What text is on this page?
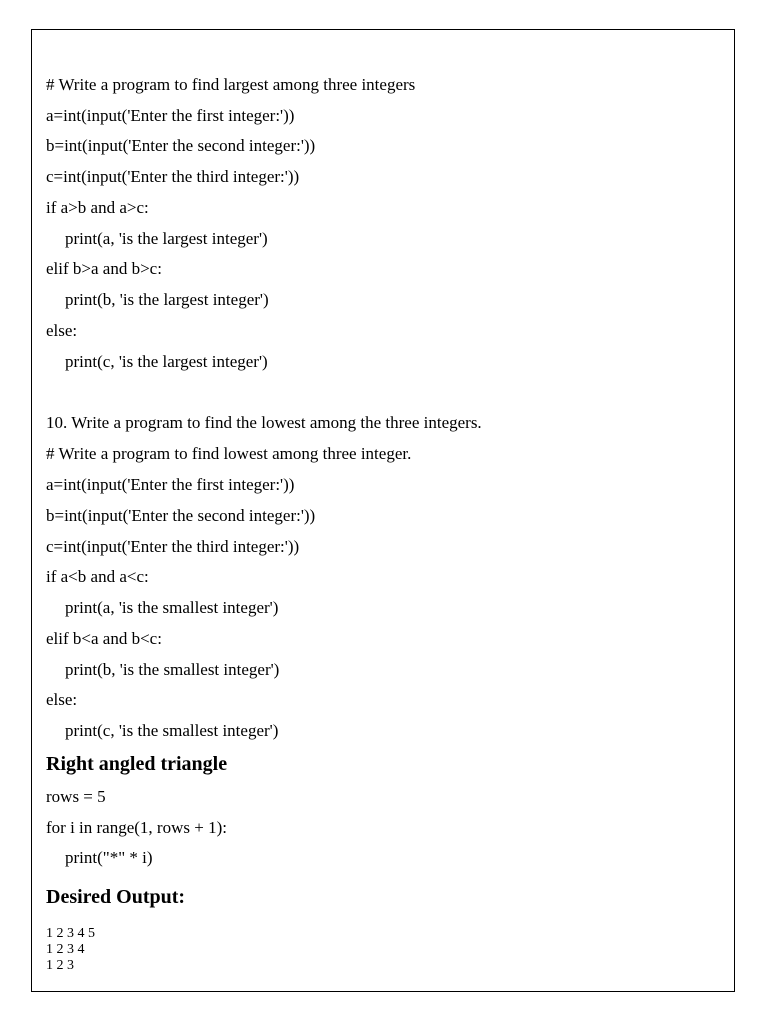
# Write a program to find largest among three integers
a=int(input('Enter the first integer:'))
b=int(input('Enter the second integer:'))
c=int(input('Enter the third integer:'))
if a>b and a>c:
print(a, 'is the largest integer')
elif b>a and b>c:
print(b, 'is the largest integer')
else:
print(c, 'is the largest integer')
10. Write a program to find the lowest among the three integers.
# Write a program to find lowest among three integer.
a=int(input('Enter the first integer:'))
b=int(input('Enter the second integer:'))
c=int(input('Enter the third integer:'))
if a<b and a<c:
print(a, 'is the smallest integer')
elif b<a and b<c:
print(b, 'is the smallest integer')
else:
print(c, 'is the smallest integer')
Right angled triangle
rows = 5
for i in range(1, rows + 1):
print("*" * i)
Desired Output:
1 2 3 4 5
1 2 3 4
1 2 3
